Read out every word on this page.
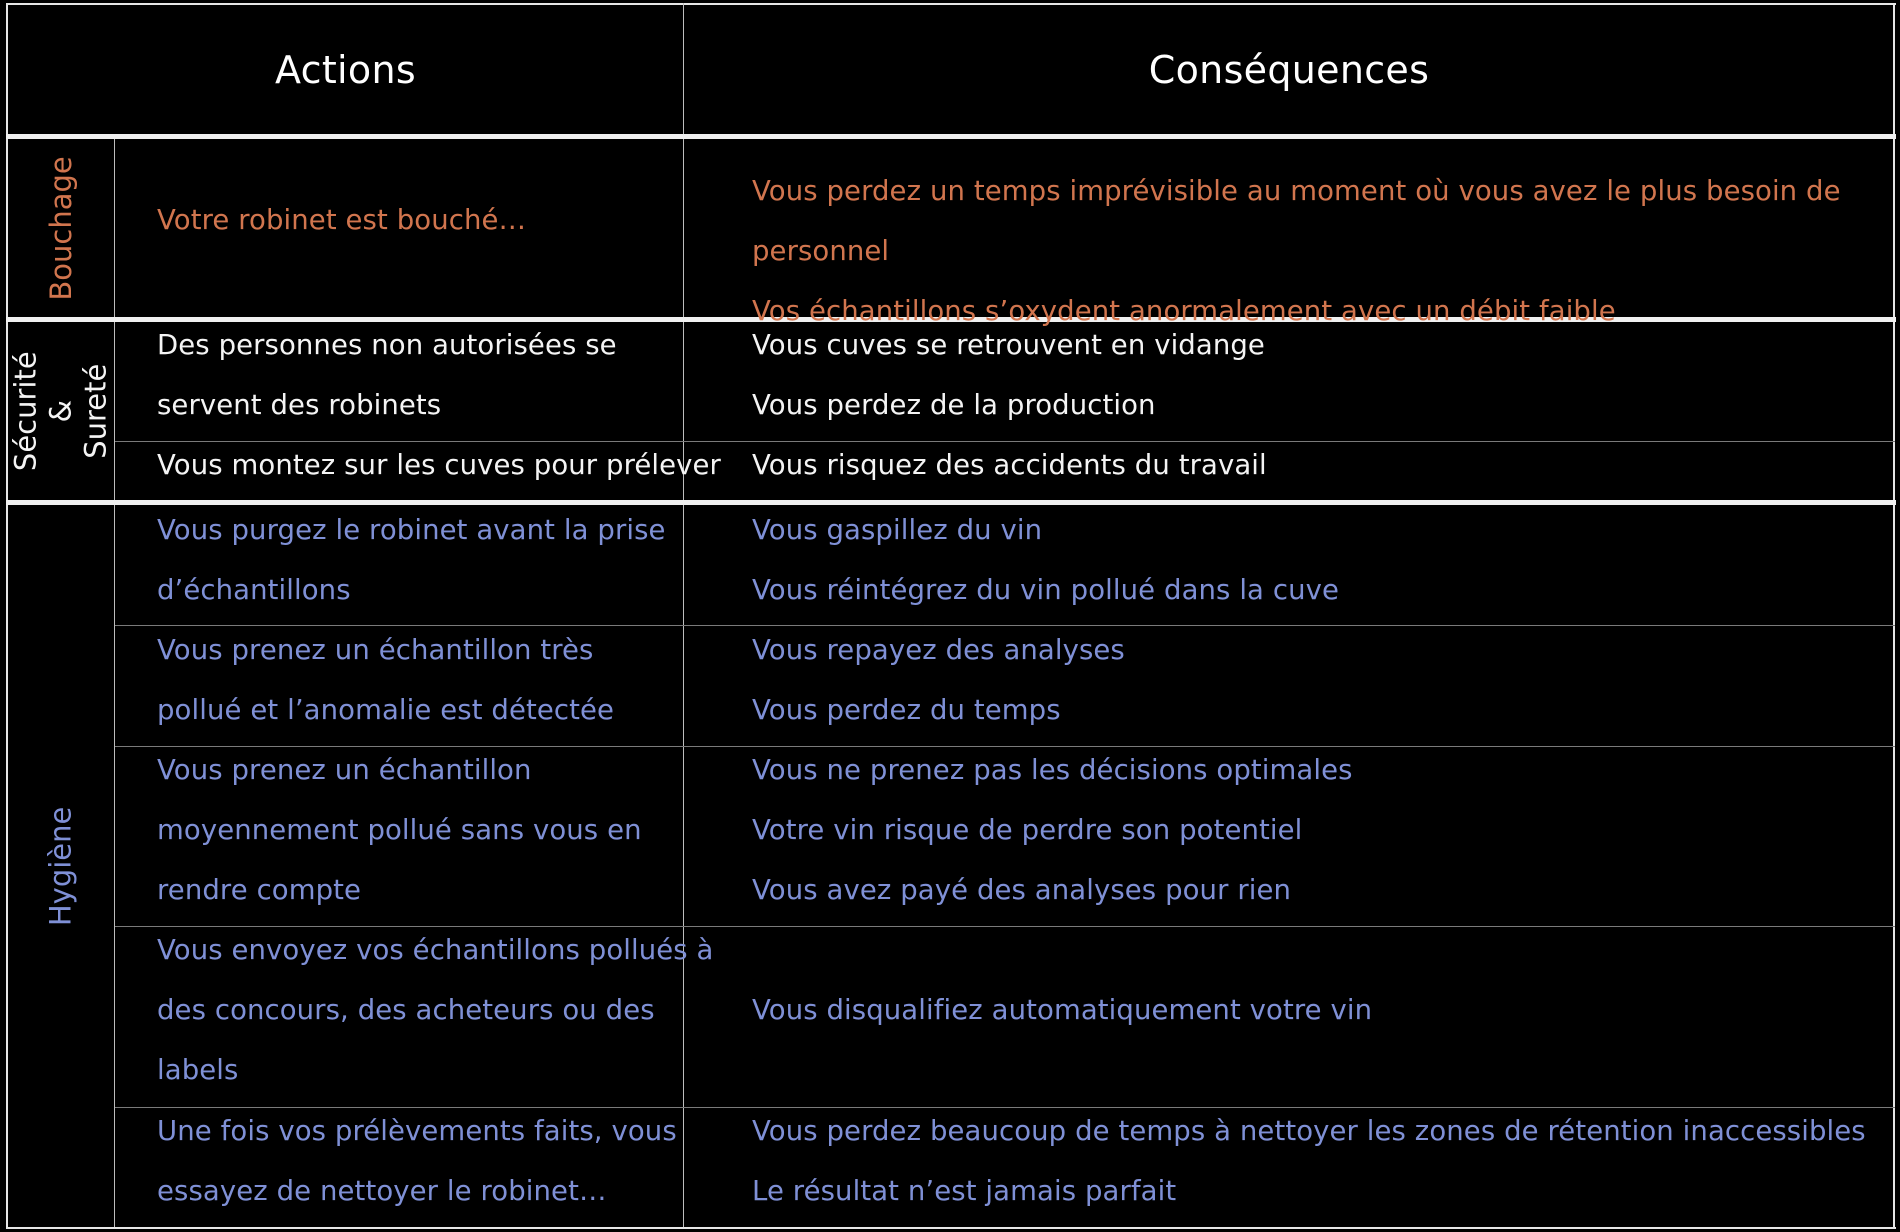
Actions	Conséquences
Bouchage
Sécurité &
Sureté
Hygiène
Votre robinet est bouché…
Vous perdez un temps imprévisible au moment où vous avez le plus besoin de personnel
Vos échantillons s’oxydent anormalement avec un débit faible
Des personnes non autorisées se
servent des robinets
Vous cuves se retrouvent en vidange
Vous perdez de la production
Vous montez sur les cuves pour prélever Vous risquez des accidents du travail
Vous purgez le robinet avant la prise
d’échantillons
Vous gaspillez du vin
Vous réintégrez du vin pollué dans la cuve
Vous prenez un échantillon très
pollué et l’anomalie est détectée
Vous repayez des analyses
Vous perdez du temps
Vous prenez un échantillon
moyennement pollué sans vous en
rendre compte
Vous ne prenez pas les décisions optimales
Votre vin risque de perdre son potentiel
Vous avez payé des analyses pour rien
Vous envoyez vos échantillons pollués à
des concours, des acheteurs ou des
labels
Vous disqualifiez automatiquement votre vin
Une fois vos prélèvements faits, vous
essayez de nettoyer le robinet…
Vous perdez beaucoup de temps à nettoyer les zones de rétention inaccessibles
Le résultat n’est jamais parfait
